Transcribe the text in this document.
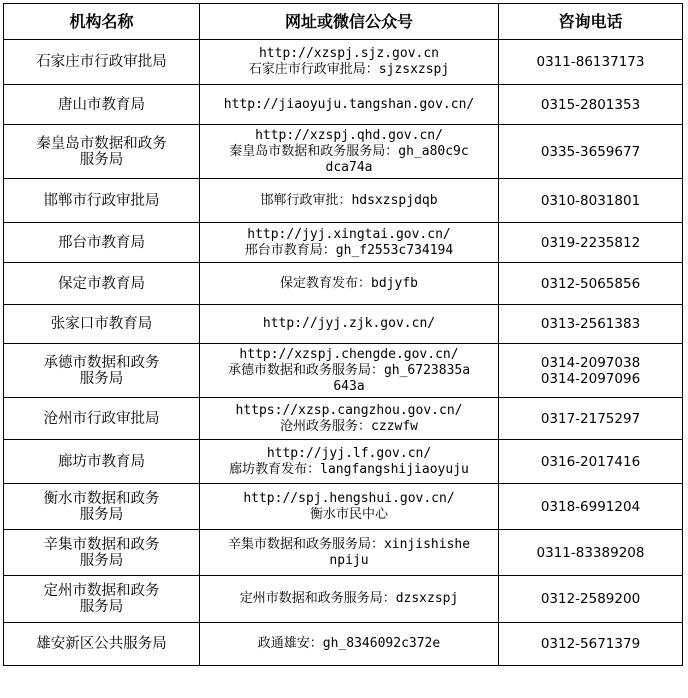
机构名称	网址或微信公众号	咨询电话

石家庄市行政审批局	http://xzspj.sjz.gov.cn
石家庄市行政审批局：sjzsxzspj	0311-86137173

唐山市教育局	http://jiaoyuju.tangshan.gov.cn/	0315-2801353

秦皇岛市数据和政务
服务局	http://xzspj.qhd.gov.cn/
秦皇岛市数据和政务服务局：gh_a80c9c
dca74a	0335-3659677

邯郸市行政审批局	邯郸行政审批：hdsxzspjdqb	0310-8031801

邢台市教育局	http://jyj.xingtai.gov.cn/
邢台市教育局：gh_f2553c734194	0319-2235812

保定市教育局	保定教育发布：bdjyfb	0312-5065856

张家口市教育局	http://jyj.zjk.gov.cn/	0313-2561383

承德市数据和政务
服务局	http://xzspj.chengde.gov.cn/
承德市数据和政务服务局：gh_6723835a
643a	0314-2097038
0314-2097096

沧州市行政审批局	https://xzsp.cangzhou.gov.cn/
沧州政务服务：czzwfw	0317-2175297

廊坊市教育局	http://jyj.lf.gov.cn/
廊坊教育发布：langfangshijiaoyuju	0316-2017416

衡水市数据和政务
服务局	http://spj.hengshui.gov.cn/
衡水市民中心	0318-6991204

辛集市数据和政务
服务局	辛集市数据和政务服务局：xinjishishe
npiju	0311-83389208

定州市数据和政务
服务局	定州市数据和政务服务局：dzsxzspj	0312-2589200

雄安新区公共服务局	政通雄安：gh_8346092c372e	0312-5671379
